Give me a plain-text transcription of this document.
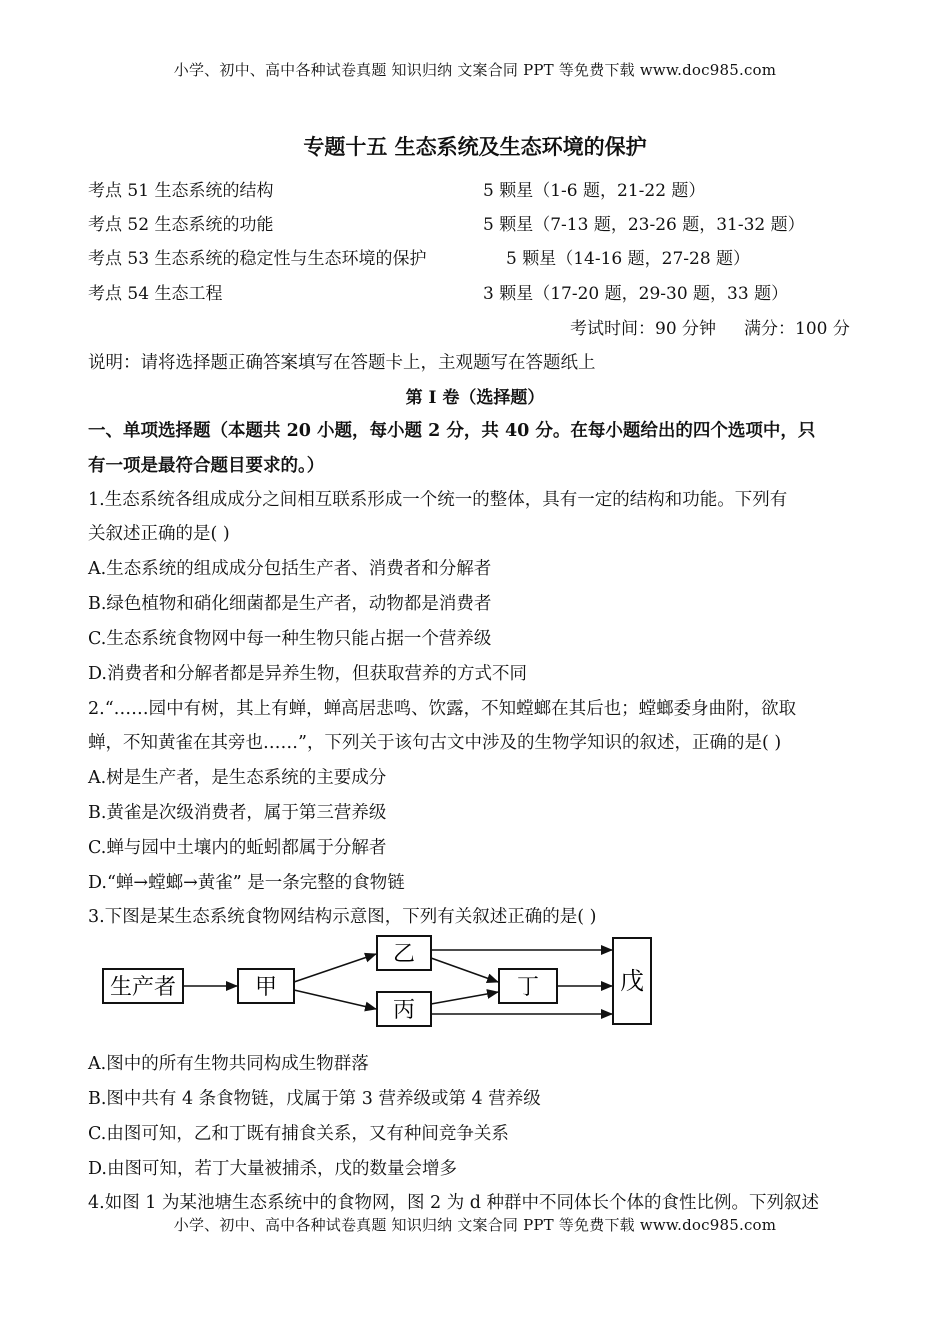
小学、初中、高中各种试卷真题 知识归纳 文案合同 PPT 等免费下载 www.doc985.com
专题十五 生态系统及生态环境的保护
考点 51 生态系统的结构	5 颗星（1-6 题，21-22 题）
考点 52 生态系统的功能	5 颗星（7-13 题，23-26 题，31-32 题）
考点 53 生态系统的稳定性与生态环境的保护	5 颗星（14-16 题，27-28 题）
考点 54 生态工程	3 颗星（17-20 题，29-30 题，33 题）
考试时间：90 分钟 满分：100 分
说明：请将选择题正确答案填写在答题卡上，主观题写在答题纸上
第 I 卷（选择题）
一、单项选择题（本题共 20 小题，每小题 2 分，共 40 分。在每小题给出的四个选项中，只
有一项是最符合题目要求的。）
1.生态系统各组成成分之间相互联系形成一个统一的整体，具有一定的结构和功能。下列有
关叙述正确的是( )
A.生态系统的组成成分包括生产者、消费者和分解者
B.绿色植物和硝化细菌都是生产者，动物都是消费者
C.生态系统食物网中每一种生物只能占据一个营养级
D.消费者和分解者都是异养生物，但获取营养的方式不同
2.“……园中有树，其上有蝉，蝉高居悲鸣、饮露，不知螳螂在其后也；螳螂委身曲附，欲取
蝉，不知黄雀在其旁也……”，下列关于该句古文中涉及的生物学知识的叙述，正确的是( )
A.树是生产者，是生态系统的主要成分
B.黄雀是次级消费者，属于第三营养级
C.蝉与园中土壤内的蚯蚓都属于分解者
D.“蝉→螳螂→黄雀” 是一条完整的食物链
3.下图是某生态系统食物网结构示意图，下列有关叙述正确的是( )
生产者	甲
乙
丙
丁	戊
A.图中的所有生物共同构成生物群落
B.图中共有 4 条食物链，戊属于第 3 营养级或第 4 营养级
C.由图可知，乙和丁既有捕食关系，又有种间竞争关系
D.由图可知，若丁大量被捕杀，戊的数量会增多
4.如图 1 为某池塘生态系统中的食物网，图 2 为 d 种群中不同体长个体的食性比例。下列叙述
小学、初中、高中各种试卷真题 知识归纳 文案合同 PPT 等免费下载 www.doc985.com
